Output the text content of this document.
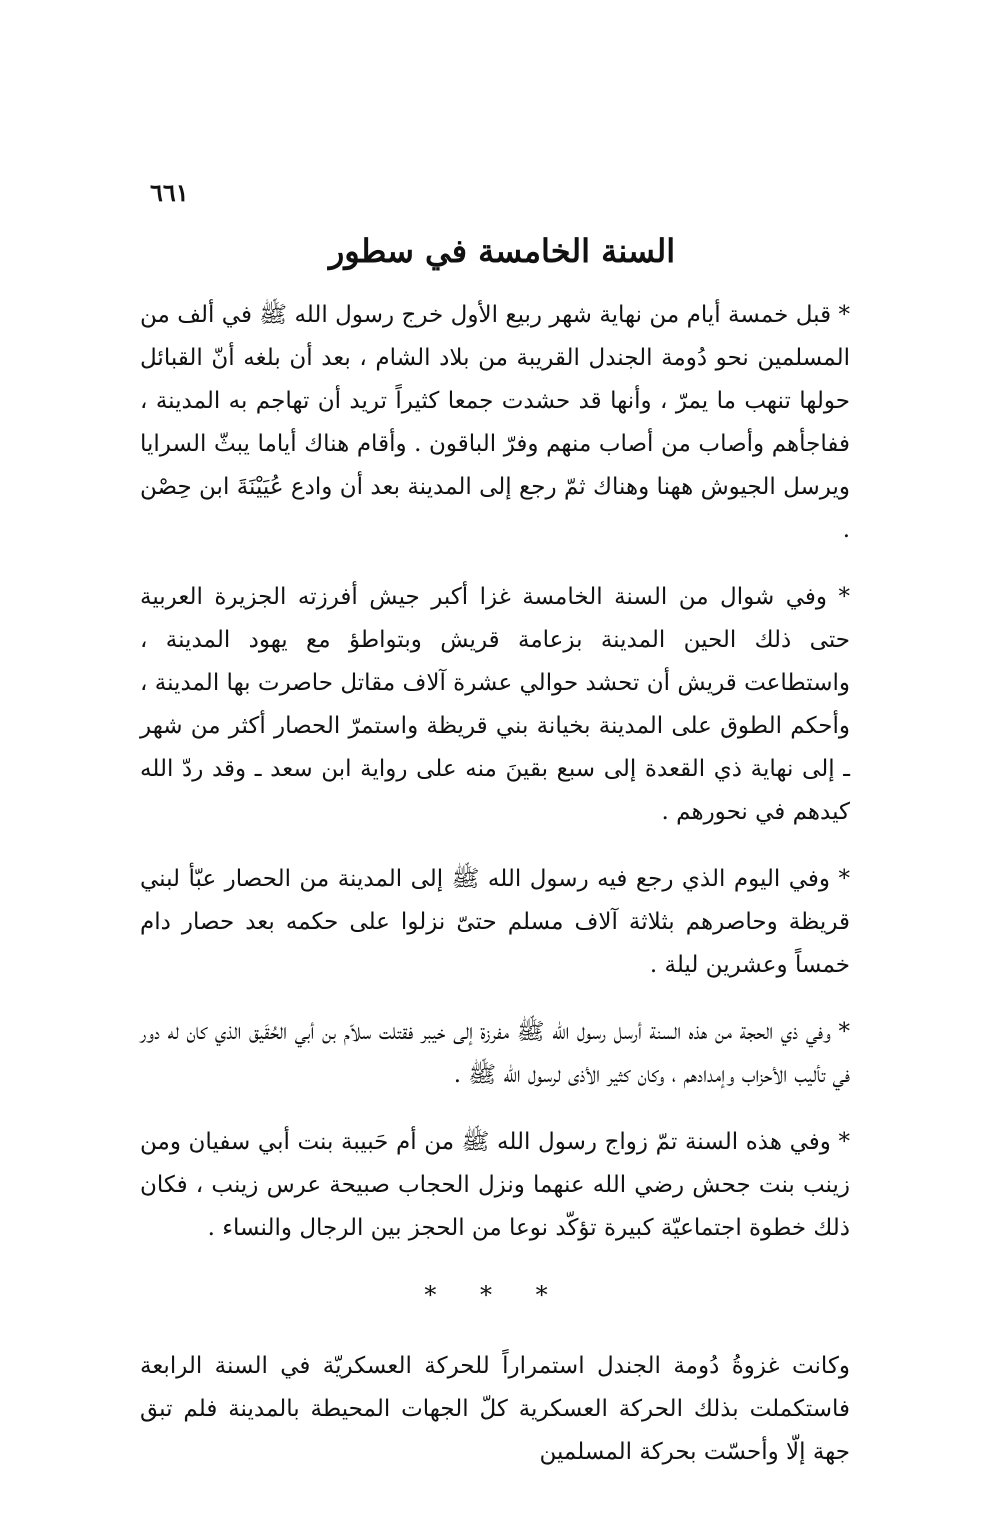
٦٦١
السنة الخامسة في سطور

* قبل خمسة أيام من نهاية شهر ربيع الأول خرج رسول الله ﷺ في ألف من المسلمين نحو دُومة الجندل القريبة من بلاد الشام ، بعد أن بلغه أنّ القبائل حولها تنهب ما يمرّ ، وأنها قد حشدت جمعا كثيراً تريد أن تهاجم به المدينة ، ففاجأهم وأصاب من أصاب منهم وفرّ الباقون . وأقام هناك أياما يبثّ السرايا ويرسل الجيوش ههنا وهناك ثمّ رجع إلى المدينة بعد أن وادع عُيَيْنَةَ ابن حِصْن .

* وفي شوال من السنة الخامسة غزا أكبر جيش أفرزته الجزيرة العربية حتى ذلك الحين المدينة بزعامة قريش وبتواطؤ مع يهود المدينة ، واستطاعت قريش أن تحشد حوالي عشرة آلاف مقاتل حاصرت بها المدينة ، وأحكم الطوق على المدينة بخيانة بني قريظة واستمرّ الحصار أكثر من شهر ـ إلى نهاية ذي القعدة إلى سبع بقينَ منه على رواية ابن سعد ـ وقد ردّ الله كيدهم في نحورهم .

* وفي اليوم الذي رجع فيه رسول الله ﷺ إلى المدينة من الحصار عبّأ لبني قريظة وحاصرهم بثلاثة آلاف مسلم حتىّ نزلوا على حكمه بعد حصار دام خمساً وعشرين ليلة .

* وفي ذي الحجة من هذه السنة أرسل رسول الله ﷺ مفرزة إلى خيبر فقتلت سلاّم بن أبي الحُقَيق الذي كان له دور في تأليب الأحزاب وإمدادهم ، وكان كثير الأذى لرسول الله ﷺ .

* وفي هذه السنة تمّ زواج رسول الله ﷺ من أم حَبيبة بنت أبي سفيان ومن زينب بنت جحش رضي الله عنهما ونزل الحجاب صبيحة عرس زينب ، فكان ذلك خطوة اجتماعيّة كبيرة تؤكّد نوعا من الحجز بين الرجال والنساء .

* * *

وكانت غزوةُ دُومة الجندل استمراراً للحركة العسكريّة في السنة الرابعة فاستكملت بذلك الحركة العسكرية كلّ الجهات المحيطة بالمدينة فلم تبق جهة إلّا وأحسّت بحركة المسلمين
